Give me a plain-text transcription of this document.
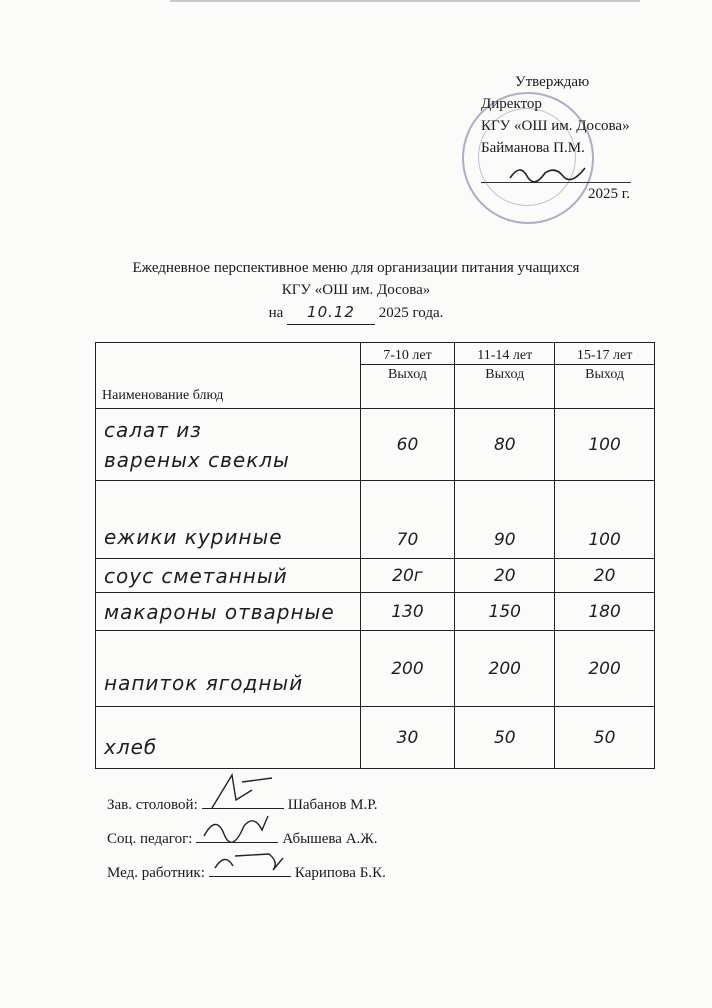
Утверждаю
Директор
КГУ «ОШ им. Досова»
Байманова П.М.
2025 г.
Ежедневное перспективное меню для организации питания учащихся
КГУ «ОШ им. Досова»
на 10.12 2025 года.
Наименование блюд	7-10 лет	11-14 лет	15-17 лет
	Выход	Выход	Выход

салат из
вареных свеклы	60	80	100
ежики куриные	70	90	100
соус сметанный	20г	20	20
макароны отварные	130	150	180
напиток ягодный	200	200	200
хлеб	30	50	50
Зав. столовой:	Шабанов М.Р.
Соц. педагог:	Абышева А.Ж.
Мед. работник:	Карипова Б.К.
